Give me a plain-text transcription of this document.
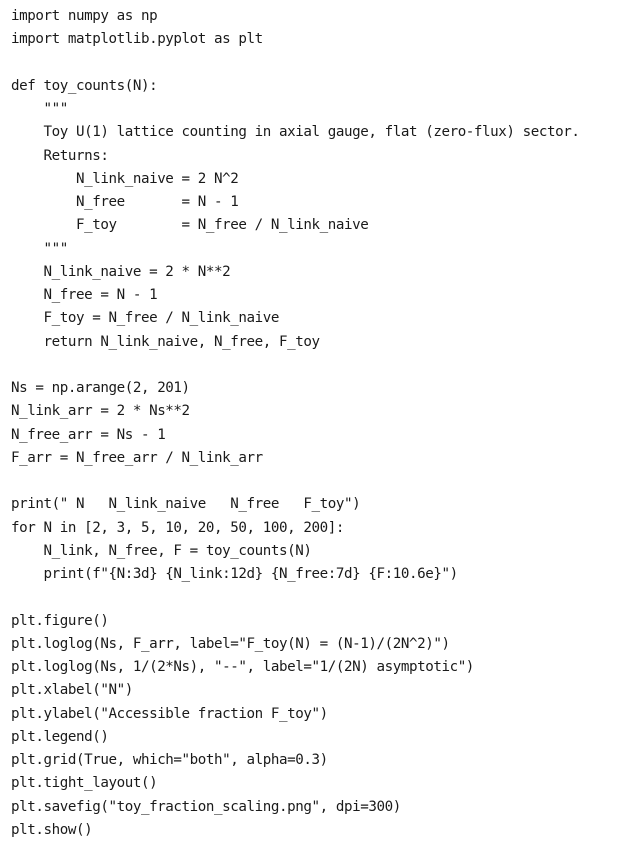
import numpy as np
import matplotlib.pyplot as plt
def toy_counts(N):
"""
Toy U(1) lattice counting in axial gauge, flat (zero-flux) sector.
Returns:
N_link_naive = 2 N^2
N_free       = N - 1
F_toy        = N_free / N_link_naive
"""
N_link_naive = 2 * N**2
N_free = N - 1
F_toy = N_free / N_link_naive
return N_link_naive, N_free, F_toy
Ns = np.arange(2, 201)
N_link_arr = 2 * Ns**2
N_free_arr = Ns - 1
F_arr = N_free_arr / N_link_arr
print(" N   N_link_naive   N_free   F_toy")
for N in [2, 3, 5, 10, 20, 50, 100, 200]:
N_link, N_free, F = toy_counts(N)
print(f"{N:3d} {N_link:12d} {N_free:7d} {F:10.6e}")
plt.figure()
plt.loglog(Ns, F_arr, label="F_toy(N) = (N-1)/(2N^2)")
plt.loglog(Ns, 1/(2*Ns), "--", label="1/(2N) asymptotic")
plt.xlabel("N")
plt.ylabel("Accessible fraction F_toy")
plt.legend()
plt.grid(True, which="both", alpha=0.3)
plt.tight_layout()
plt.savefig("toy_fraction_scaling.png", dpi=300)
plt.show()
